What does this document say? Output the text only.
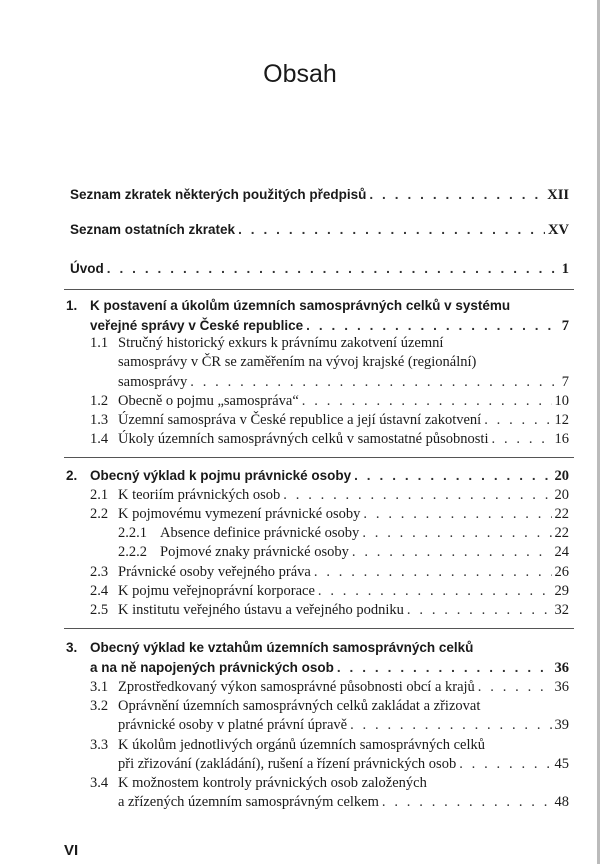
Obsah
Seznam zkratek některých použitých předpisů . . .	XII
Seznam ostatních zkratek . . .	XV
Úvod . . .	1
1. K postavení a úkolům územních samosprávných celků v systému
veřejné správy v České republice . . .	7
1.1 Stručný historický exkurs k právnímu zakotvení územní
samosprávy v ČR se zaměřením na vývoj krajské (regionální)
samosprávy . . .	7
1.2 Obecně o pojmu „samospráva“ . . .	10
1.3 Územní samospráva v České republice a její ústavní zakotvení . . .	12
1.4 Úkoly územních samosprávných celků v samostatné působnosti . . .	16
2. Obecný výklad k pojmu právnické osoby . . .	20
2.1 K teoriím právnických osob . . .	20
2.2 K pojmovému vymezení právnické osoby . . .	22
2.2.1 Absence definice právnické osoby . . .	22
2.2.2 Pojmové znaky právnické osoby . . .	24
2.3 Právnické osoby veřejného práva . . .	26
2.4 K pojmu veřejnoprávní korporace . . .	29
2.5 K institutu veřejného ústavu a veřejného podniku . . .	32
3. Obecný výklad ke vztahům územních samosprávných celků
a na ně napojených právnických osob . . .	36
3.1 Zprostředkovaný výkon samosprávné působnosti obcí a krajů . . .	36
3.2 Oprávnění územních samosprávných celků zakládat a zřizovat
právnické osoby v platné právní úpravě . . .	39
3.3 K úkolům jednotlivých orgánů územních samosprávných celků
při zřizování (zakládání), rušení a řízení právnických osob . . .	45
3.4 K možnostem kontroly právnických osob založených
a zřízených územním samosprávným celkem . . .	48
VI
